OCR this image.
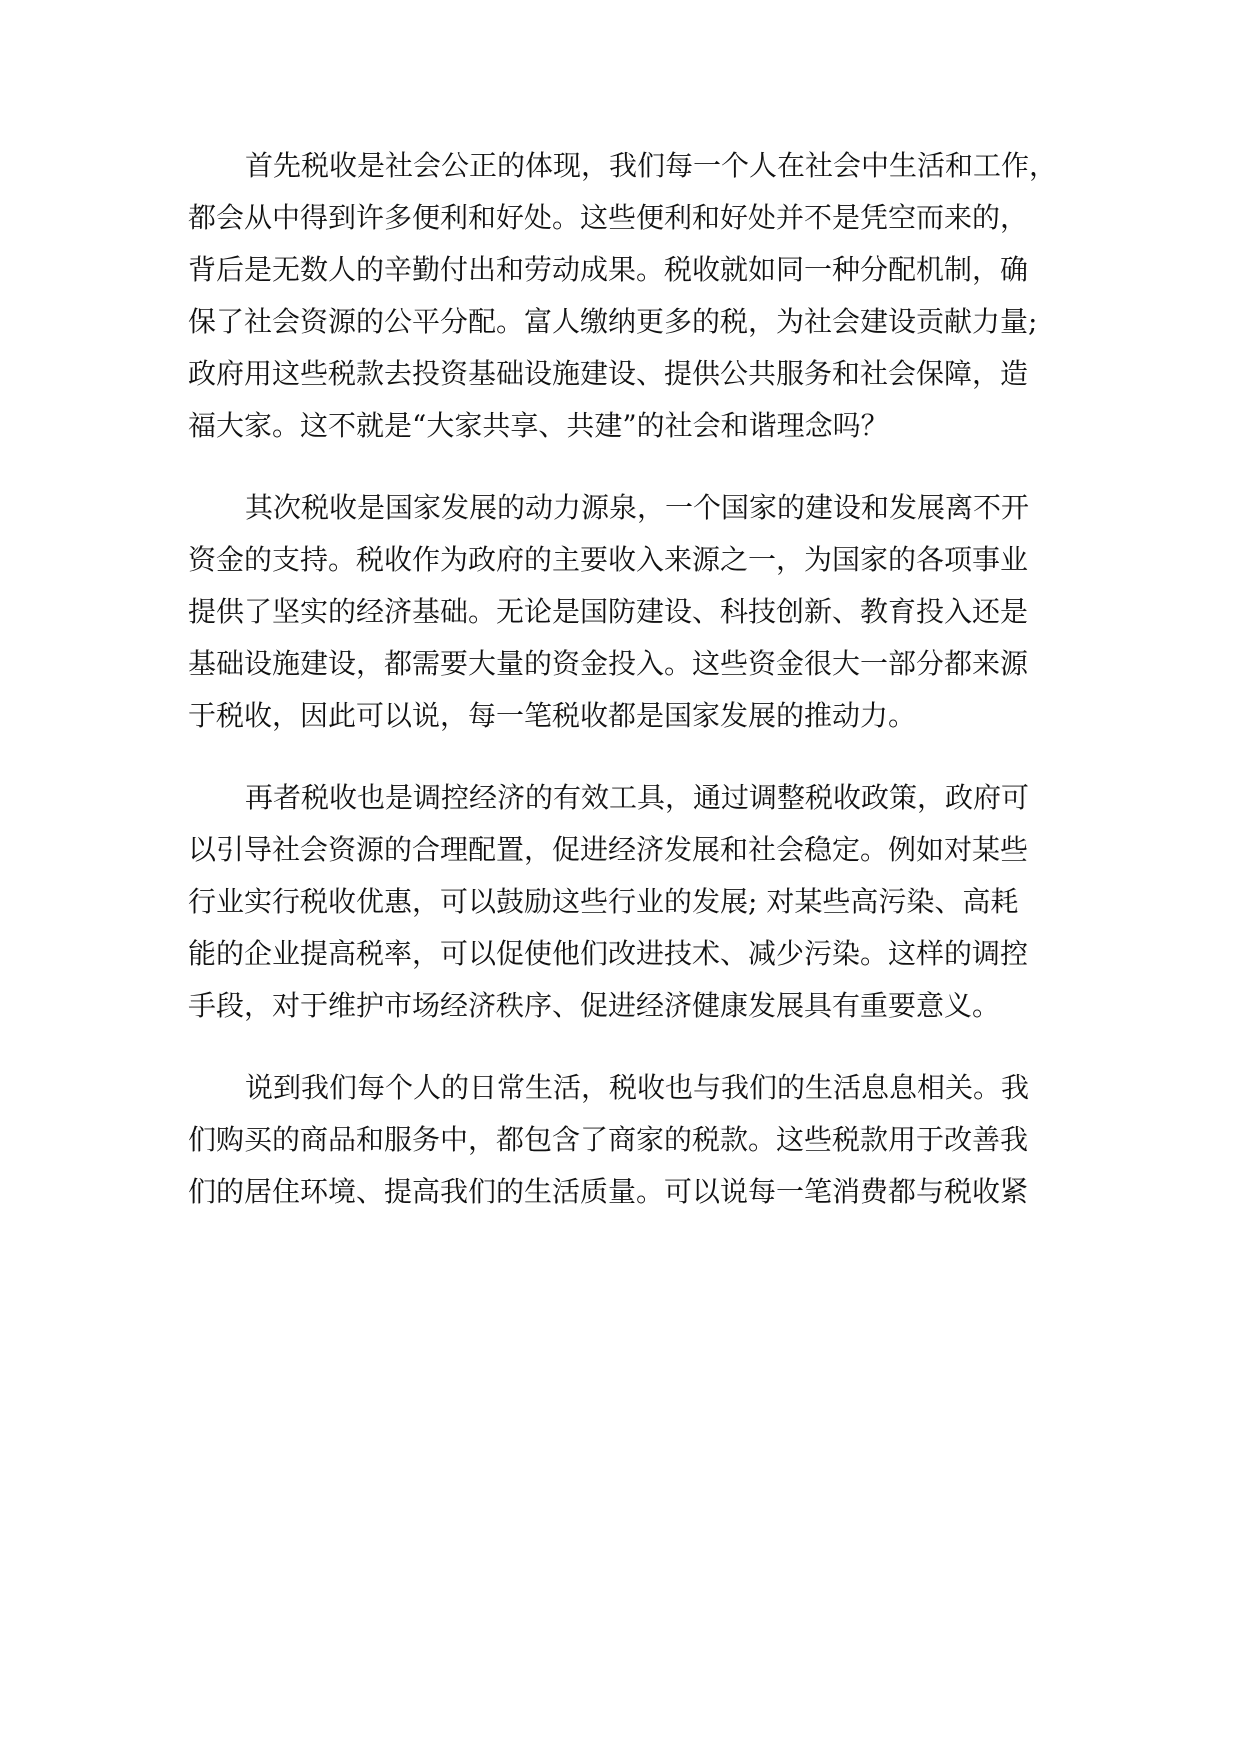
首先税收是社会公正的体现，我们每一个人在社会中生活和工作，
都会从中得到许多便利和好处。这些便利和好处并不是凭空而来的，
背后是无数人的辛勤付出和劳动成果。税收就如同一种分配机制，确
保了社会资源的公平分配。富人缴纳更多的税，为社会建设贡献力量;
政府用这些税款去投资基础设施建设、提供公共服务和社会保障，造
福大家。这不就是“大家共享、共建”的社会和谐理念吗？
其次税收是国家发展的动力源泉，一个国家的建设和发展离不开
资金的支持。税收作为政府的主要收入来源之一，为国家的各项事业
提供了坚实的经济基础。无论是国防建设、科技创新、教育投入还是
基础设施建设，都需要大量的资金投入。这些资金很大一部分都来源
于税收，因此可以说，每一笔税收都是国家发展的推动力。
再者税收也是调控经济的有效工具，通过调整税收政策，政府可
以引导社会资源的合理配置，促进经济发展和社会稳定。例如对某些
行业实行税收优惠，可以鼓励这些行业的发展; 对某些高污染、高耗
能的企业提高税率，可以促使他们改进技术、减少污染。这样的调控
手段，对于维护市场经济秩序、促进经济健康发展具有重要意义。
说到我们每个人的日常生活，税收也与我们的生活息息相关。我
们购买的商品和服务中，都包含了商家的税款。这些税款用于改善我
们的居住环境、提高我们的生活质量。可以说每一笔消费都与税收紧
